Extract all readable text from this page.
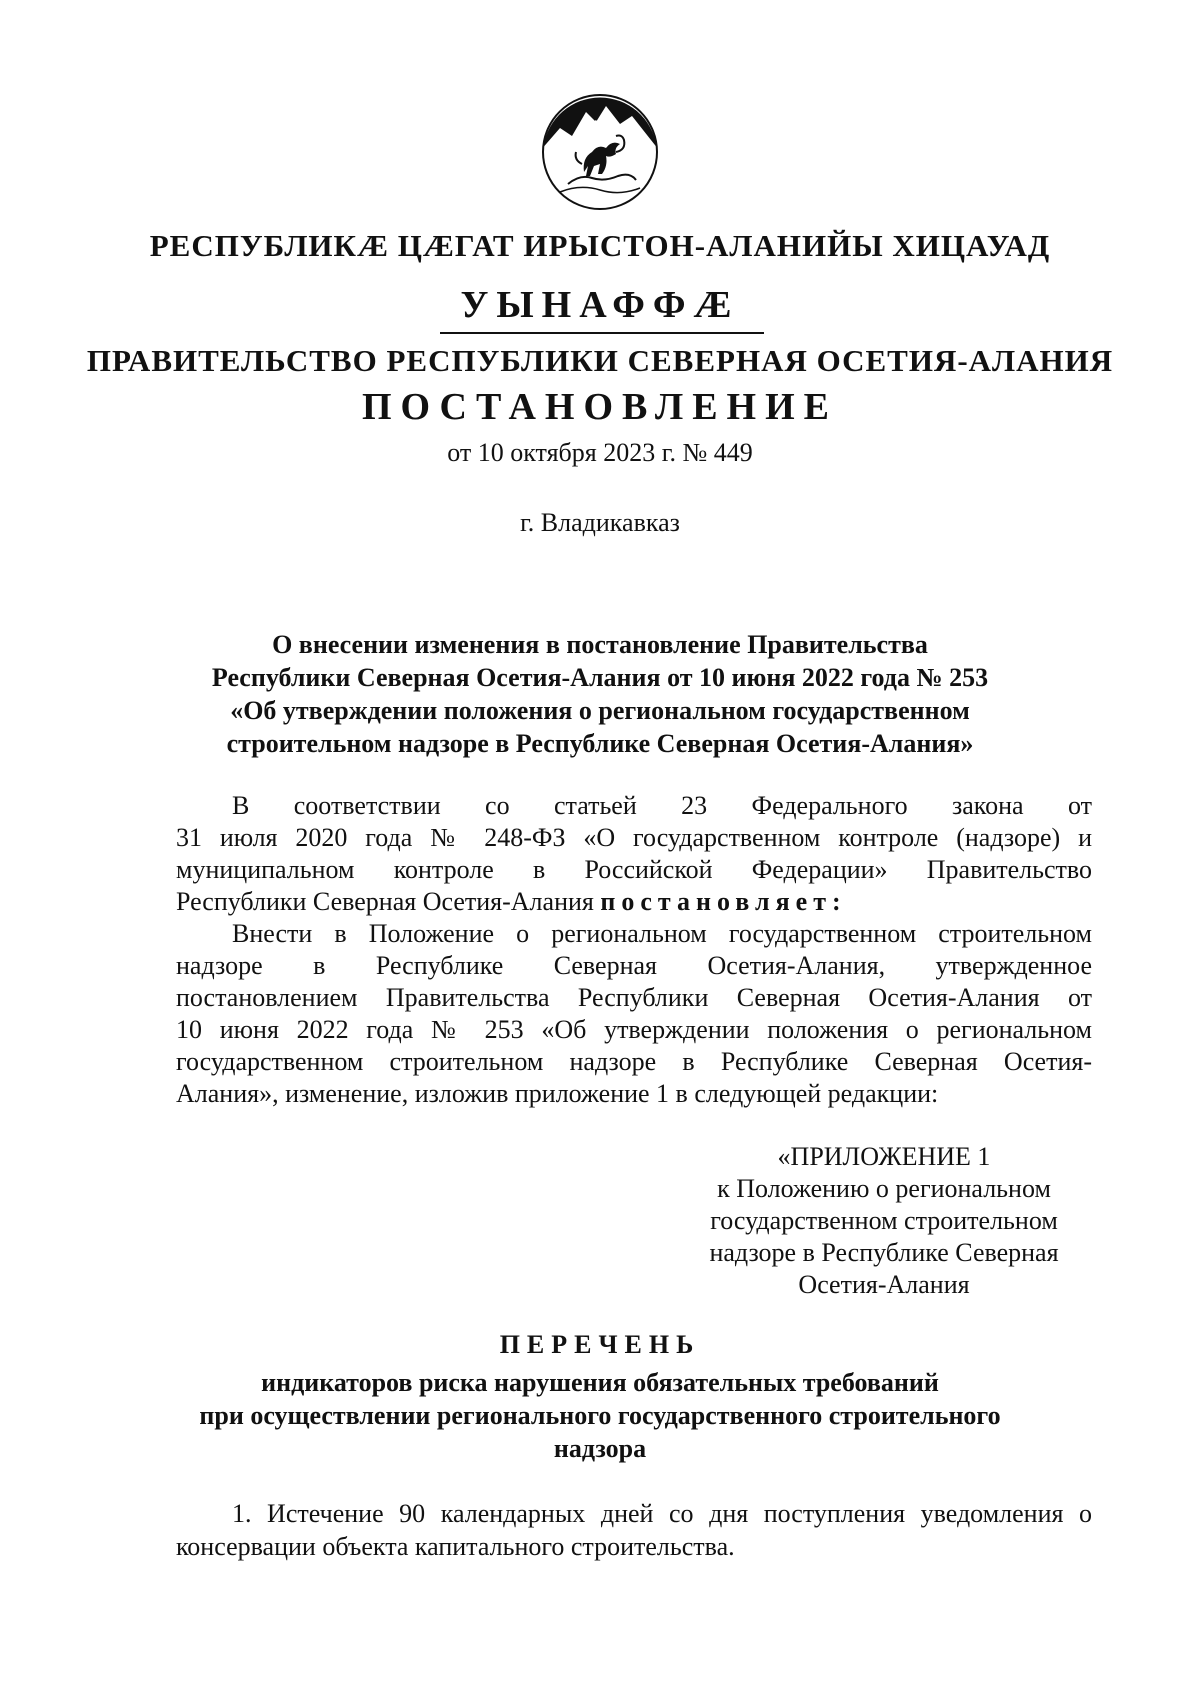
РЕСПУБЛИКÆ ЦÆГАТ ИРЫСТОН-АЛАНИЙЫ ХИЦАУАД
УЫНАФФÆ
ПРАВИТЕЛЬСТВО РЕСПУБЛИКИ СЕВЕРНАЯ ОСЕТИЯ-АЛАНИЯ
ПОСТАНОВЛЕНИЕ
от 10 октября 2023 г. № 449
г. Владикавказ
О внесении изменения в постановление Правительства
Республики Северная Осетия-Алания от 10 июня 2022 года № 253
«Об утверждении положения о региональном государственном
строительном надзоре в Республике Северная Осетия-Алания»
В соответствии со статьей 23 Федерального закона от
31 июля 2020 года № 248-ФЗ «О государственном контроле (надзоре) и
муниципальном контроле в Российской Федерации» Правительство
Республики Северная Осетия-Алания постановляет:
Внести в Положение о региональном государственном строительном
надзоре в Республике Северная Осетия-Алания, утвержденное
постановлением Правительства Республики Северная Осетия-Алания от
10 июня 2022 года № 253 «Об утверждении положения о региональном
государственном строительном надзоре в Республике Северная Осетия-
Алания», изменение, изложив приложение 1 в следующей редакции:
«ПРИЛОЖЕНИЕ 1
к Положению о региональном
государственном строительном
надзоре в Республике Северная
Осетия-Алания
ПЕРЕЧЕНЬ
индикаторов риска нарушения обязательных требований
при осуществлении регионального государственного строительного
надзора
1. Истечение 90 календарных дней со дня поступления уведомления о
консервации объекта капитального строительства.
